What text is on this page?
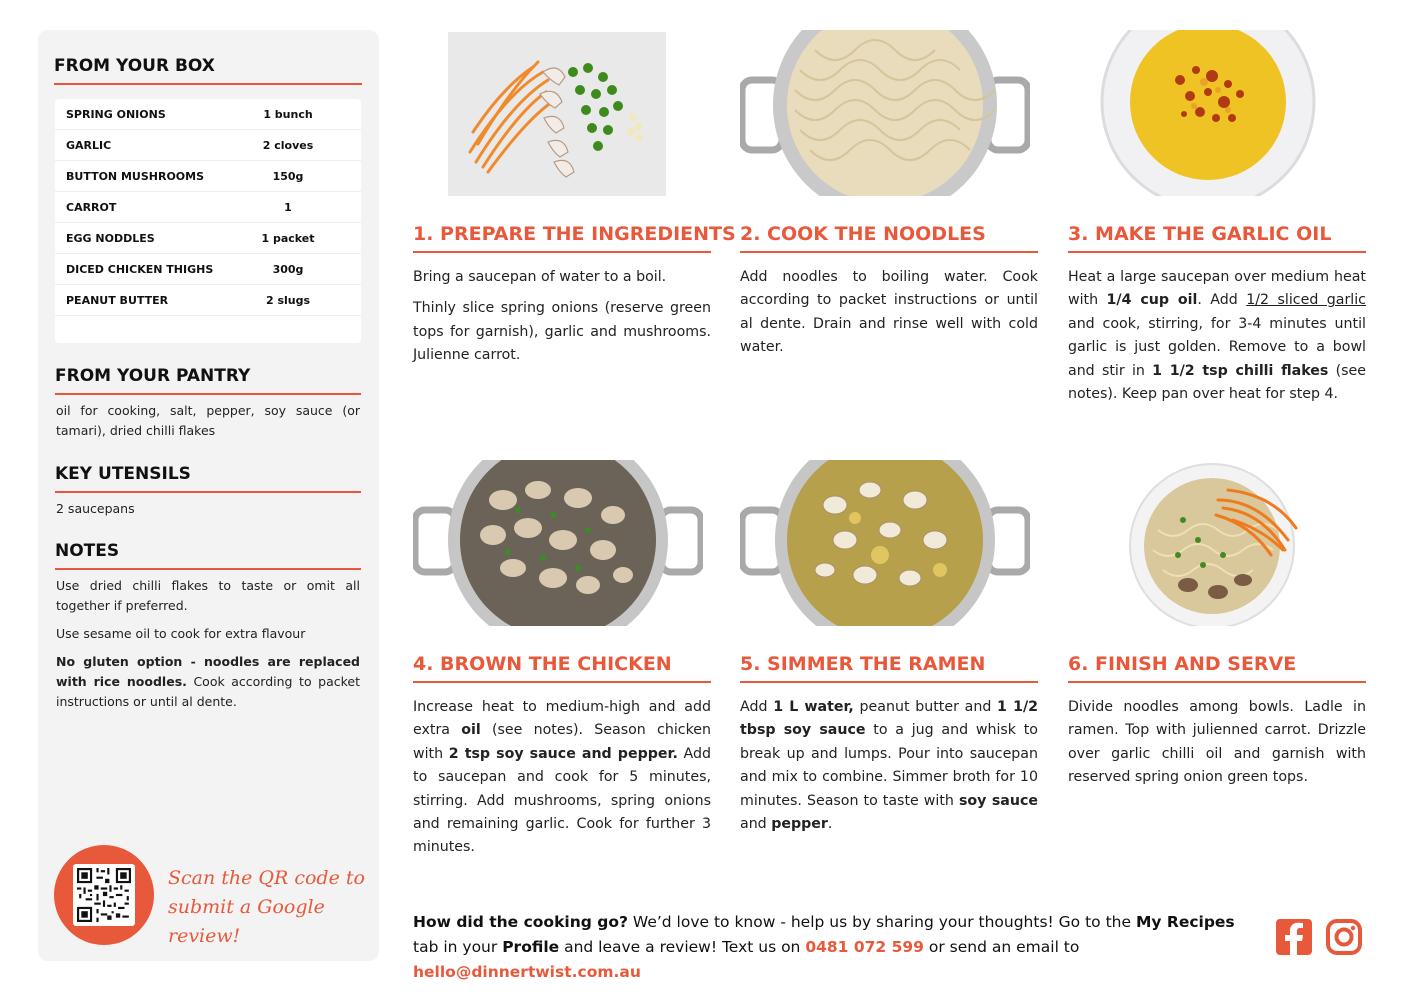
FROM YOUR BOX
SPRING ONIONS	1 bunch
GARLIC	2 cloves
BUTTON MUSHROOMS	150g
CARROT	1
EGG NODDLES	1 packet
DICED CHICKEN THIGHS	300g
PEANUT BUTTER	2 slugs
FROM YOUR PANTRY
oil for cooking, salt, pepper, soy sauce (or tamari), dried chilli flakes
KEY UTENSILS
2 saucepans
NOTES

Use dried chilli flakes to taste or omit all together if preferred.

Use sesame oil to cook for extra flavour

No gluten option - noodles are replaced with rice noodles. Cook according to packet instructions or until al dente.

Scan the QR code to
submit a Google review!
1. PREPARE THE INGREDIENTS

Bring a saucepan of water to a boil.

Thinly slice spring onions (reserve green tops for garnish), garlic and mushrooms. Julienne carrot.

2. COOK THE NOODLES

Add noodles to boiling water. Cook according to packet instructions or until al dente. Drain and rinse well with cold water.

3. MAKE THE GARLIC OIL

Heat a large saucepan over medium heat with 1/4 cup oil. Add 1/2 sliced garlic and cook, stirring, for 3-4 minutes until garlic is just golden. Remove to a bowl and stir in 1 1/2 tsp chilli flakes (see notes). Keep pan over heat for step 4.

4. BROWN THE CHICKEN

Increase heat to medium-high and add extra oil (see notes). Season chicken with 2 tsp soy sauce and pepper. Add to saucepan and cook for 5 minutes, stirring. Add mushrooms, spring onions and remaining garlic. Cook for further 3 minutes.

5. SIMMER THE RAMEN

Add 1 L water, peanut butter and 1 1/2 tbsp soy sauce to a jug and whisk to break up and lumps. Pour into saucepan and mix to combine. Simmer broth for 10 minutes. Season to taste with soy sauce and pepper.

6. FINISH AND SERVE

Divide noodles among bowls. Ladle in ramen. Top with julienned carrot. Drizzle over garlic chilli oil and garnish with reserved spring onion green tops.

How did the cooking go? We’d love to know - help us by sharing your thoughts! Go to the My Recipes tab in your Profile and leave a review! Text us on 0481 072 599 or send an email to hello@dinnertwist.com.au
